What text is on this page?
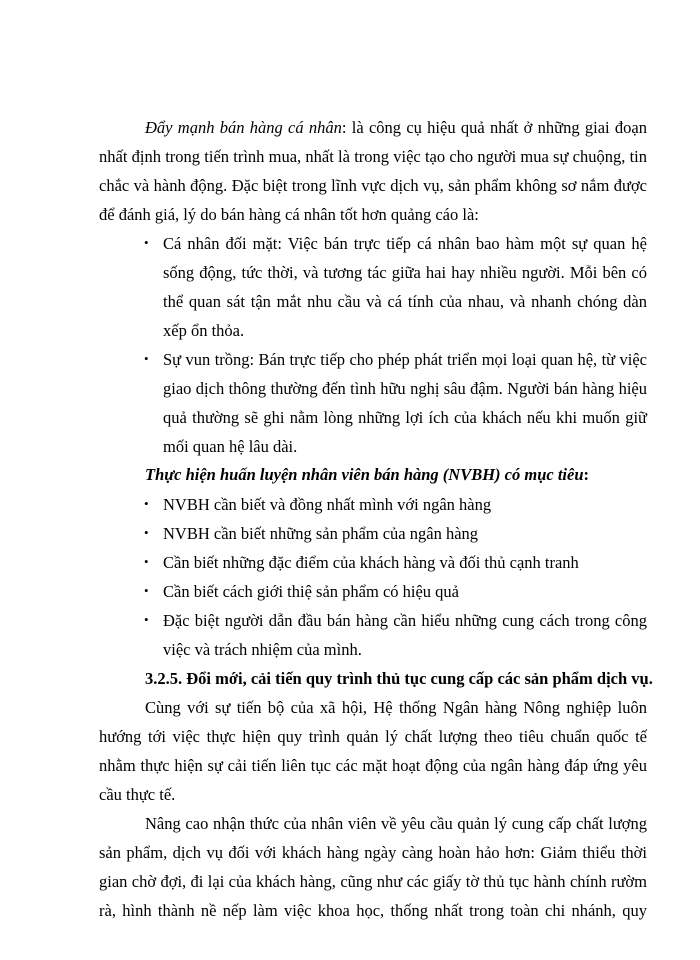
Đẩy mạnh bán hàng cá nhân: là công cụ hiệu quả nhất ở những giai đoạn
nhất định trong tiến trình mua, nhất là trong việc tạo cho người mua sự chuộng, tin
chắc và hành động. Đặc biệt trong lĩnh vực dịch vụ, sản phẩm không sơ nắm được
để đánh giá, lý do bán hàng cá nhân tốt hơn quảng cáo là:
• Cá nhân đối mặt: Việc bán trực tiếp cá nhân bao hàm một sự quan hệ
sống động, tức thời, và tương tác giữa hai hay nhiều người. Mỗi bên có
thể quan sát tận mắt nhu cầu và cá tính của nhau, và nhanh chóng dàn
xếp ổn thỏa.
• Sự vun trồng: Bán trực tiếp cho phép phát triển mọi loại quan hệ, từ việc
giao dịch thông thường đến tình hữu nghị sâu đậm. Người bán hàng hiệu
quả thường sẽ ghi nằm lòng những lợi ích của khách nếu khi muốn giữ
mối quan hệ lâu dài.
Thực hiện huấn luyện nhân viên bán hàng (NVBH) có mục tiêu:
• NVBH cần biết và đồng nhất mình với ngân hàng
• NVBH cần biết những sản phẩm của ngân hàng
• Cần biết những đặc điểm của khách hàng và đối thủ cạnh tranh
• Cần biết cách giới thiệ sản phẩm có hiệu quả
• Đặc biệt người dẫn đầu bán hàng cần hiểu những cung cách trong công
việc và trách nhiệm của mình.
3.2.5. Đổi mới, cải tiến quy trình thủ tục cung cấp các sản phẩm dịch vụ.
Cùng với sự tiến bộ của xã hội, Hệ thống Ngân hàng Nông nghiệp luôn
hướng tới việc thực hiện quy trình quản lý chất lượng theo tiêu chuẩn quốc tế
nhằm thực hiện sự cải tiến liên tục các mặt hoạt động của ngân hàng đáp ứng yêu
cầu thực tế.
Nâng cao nhận thức của nhân viên về yêu cầu quản lý cung cấp chất lượng
sản phẩm, dịch vụ đối với khách hàng ngày càng hoàn hảo hơn: Giảm thiểu thời
gian chờ đợi, đi lại của khách hàng, cũng như các giấy tờ thủ tục hành chính rườm
rà, hình thành nề nếp làm việc khoa học, thống nhất trong toàn chi nhánh, quy
